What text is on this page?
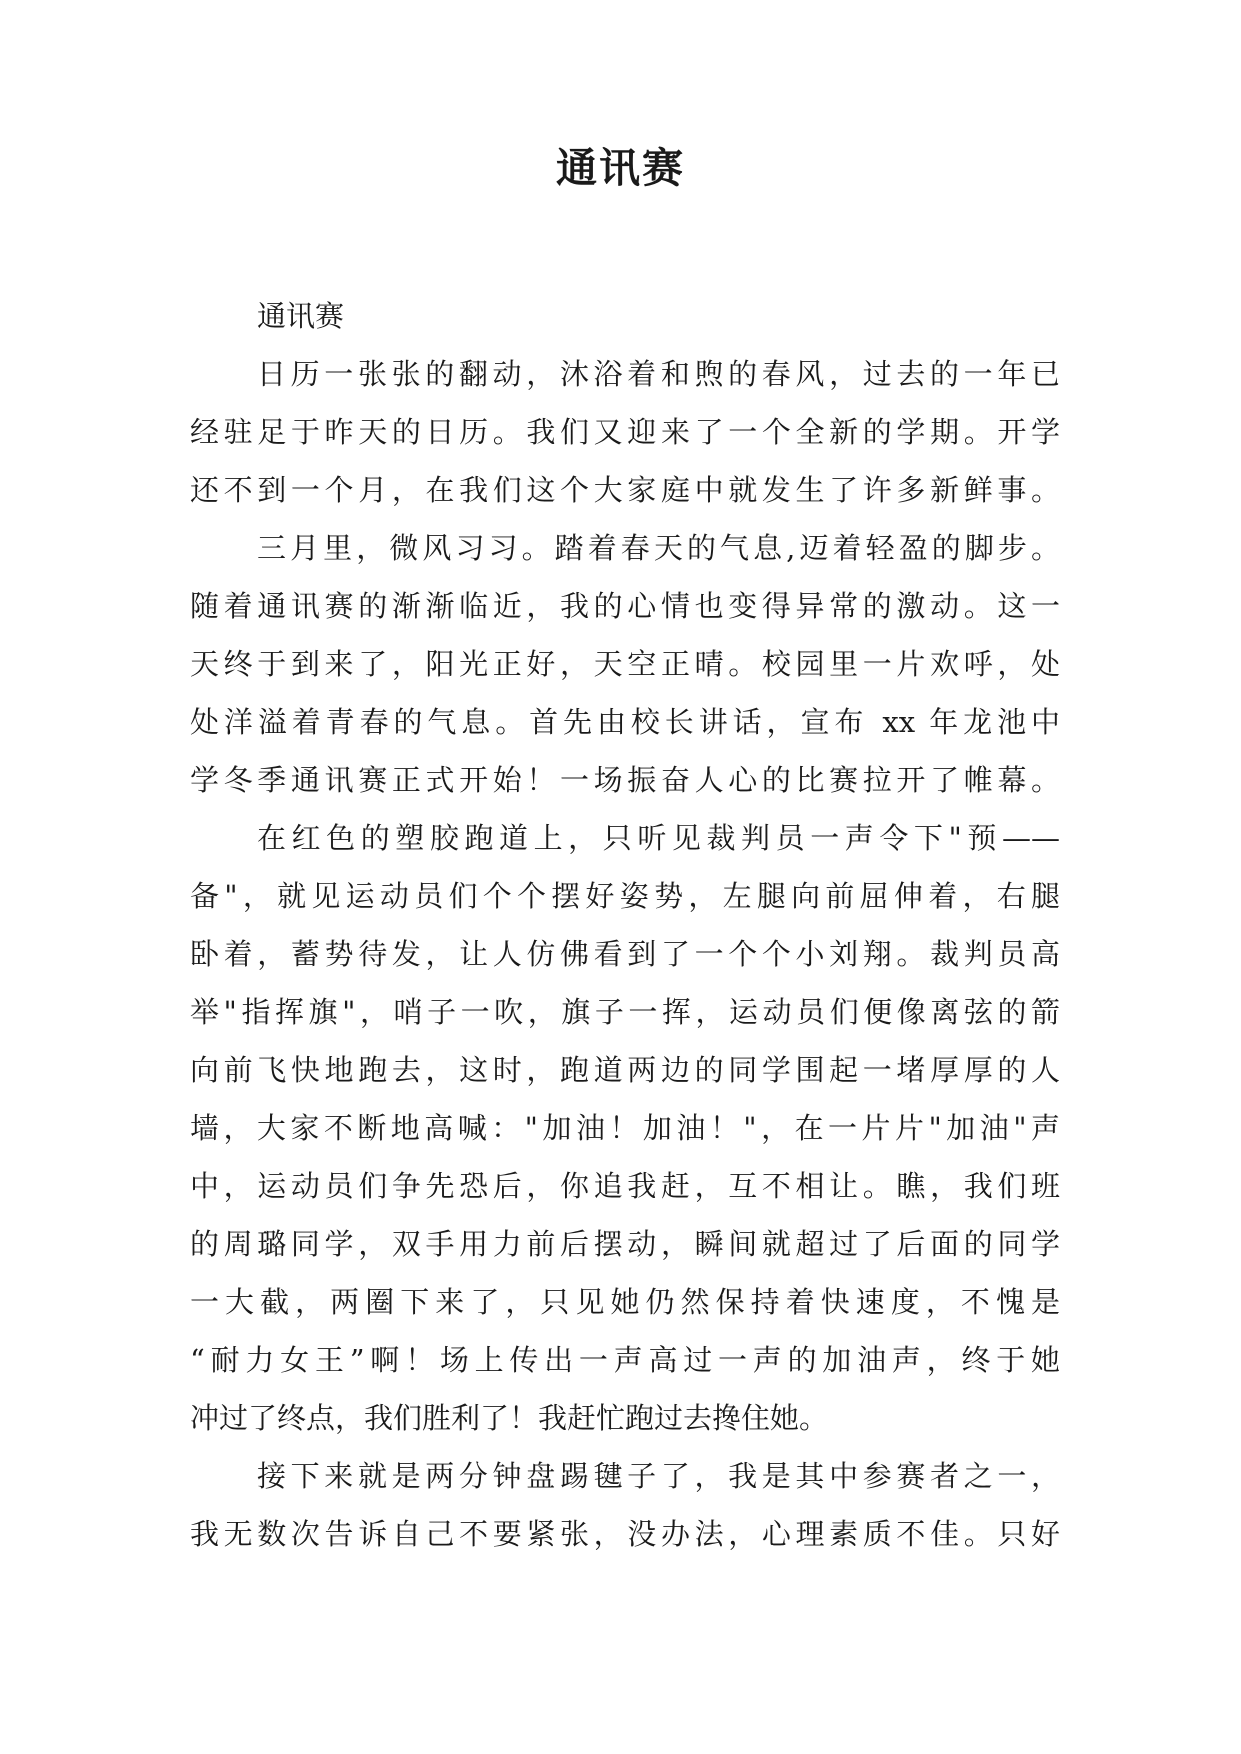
通讯赛
通讯赛
日历一张张的翻动，沐浴着和煦的春风，过去的一年已
经驻足于昨天的日历。我们又迎来了一个全新的学期。开学
还不到一个月，在我们这个大家庭中就发生了许多新鲜事。
三月里，微风习习。踏着春天的气息,迈着轻盈的脚步。
随着通讯赛的渐渐临近，我的心情也变得异常的激动。这一
天终于到来了，阳光正好，天空正晴。校园里一片欢呼，处
处洋溢着青春的气息。首先由校长讲话，宣布 xx 年龙池中
学冬季通讯赛正式开始！一场振奋人心的比赛拉开了帷幕。
在红色的塑胶跑道上，只听见裁判员一声令下"预——
备"，就见运动员们个个摆好姿势，左腿向前屈伸着，右腿
卧着，蓄势待发，让人仿佛看到了一个个小刘翔。裁判员高
举"指挥旗"，哨子一吹，旗子一挥，运动员们便像离弦的箭
向前飞快地跑去，这时，跑道两边的同学围起一堵厚厚的人
墙，大家不断地高喊："加油！加油！"，在一片片"加油"声
中，运动员们争先恐后，你追我赶，互不相让。瞧，我们班
的周璐同学，双手用力前后摆动，瞬间就超过了后面的同学
一大截，两圈下来了，只见她仍然保持着快速度，不愧是
“耐力女王”啊！场上传出一声高过一声的加油声，终于她
冲过了终点，我们胜利了！我赶忙跑过去搀住她。
接下来就是两分钟盘踢毽子了，我是其中参赛者之一，
我无数次告诉自己不要紧张，没办法，心理素质不佳。只好
